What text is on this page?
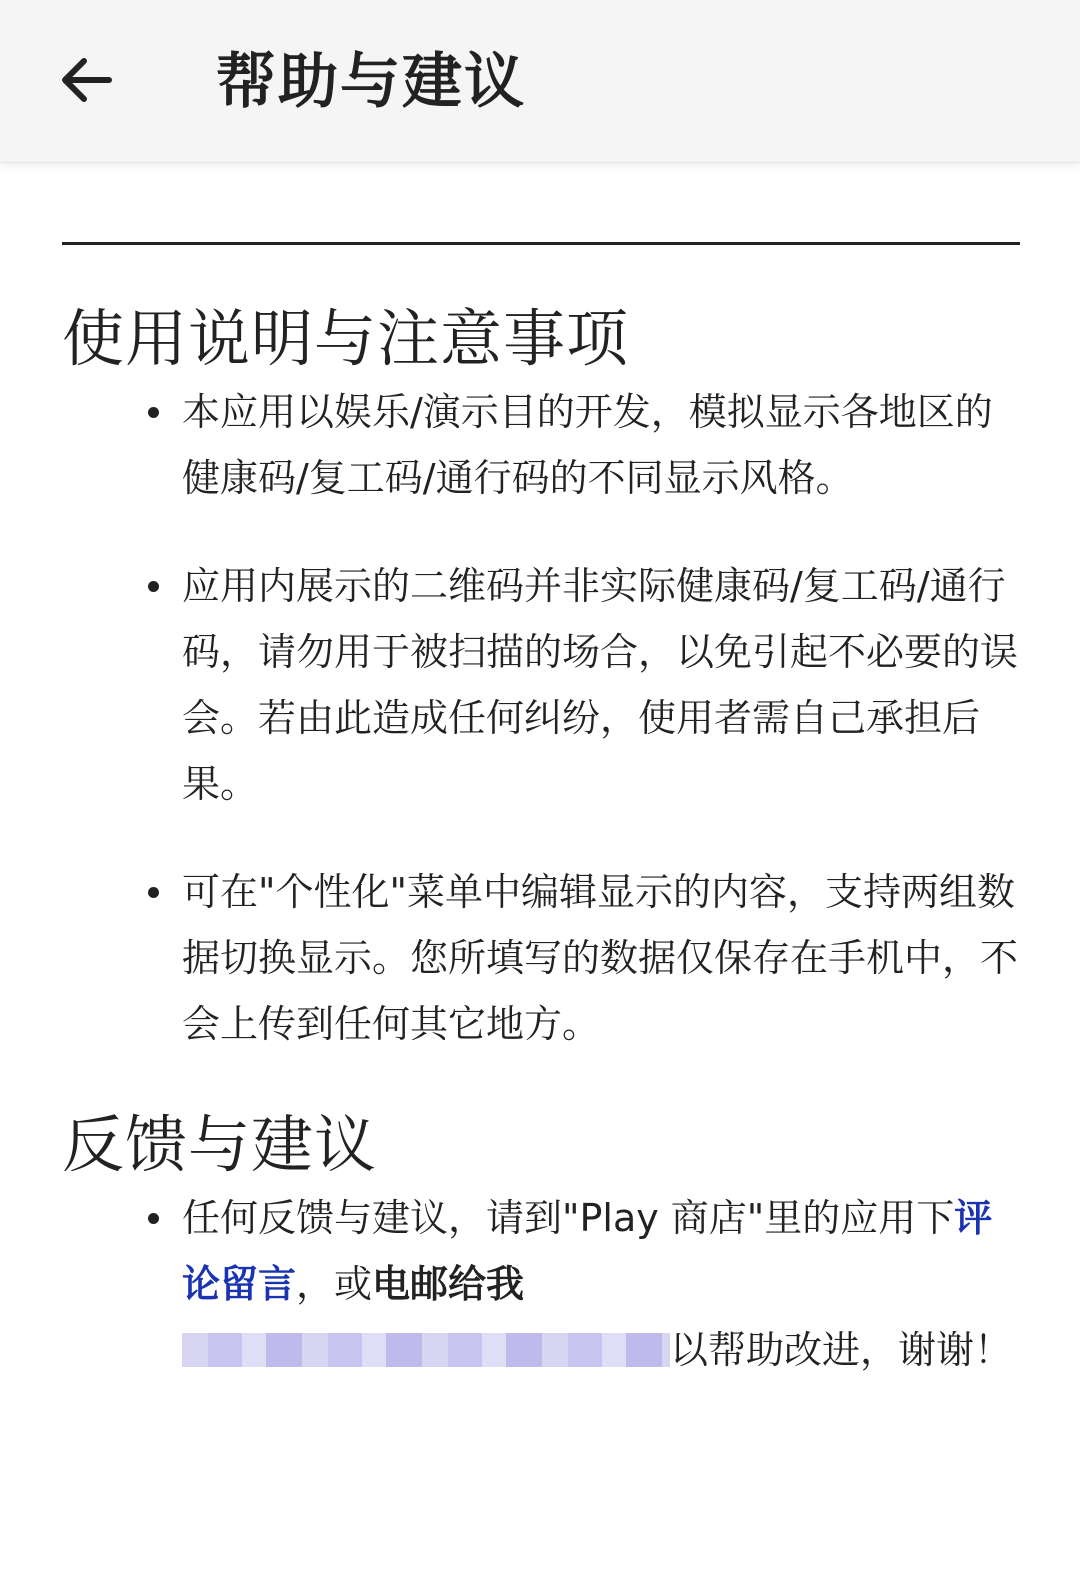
帮助与建议
使用说明与注意事项
本应用以娱乐/演示目的开发，模拟显示各地区的健康码/复工码/通行码的不同显示风格。
应用内展示的二维码并非实际健康码/复工码/通行码，请勿用于被扫描的场合，以免引起不必要的误会。若由此造成任何纠纷，使用者需自己承担后果。
可在"个性化"菜单中编辑显示的内容，支持两组数据切换显示。您所填写的数据仅保存在手机中，不会上传到任何其它地方。
反馈与建议
任何反馈与建议，请到"Play 商店"里的应用下评论留言，或电邮给我
以帮助改进，谢谢！
